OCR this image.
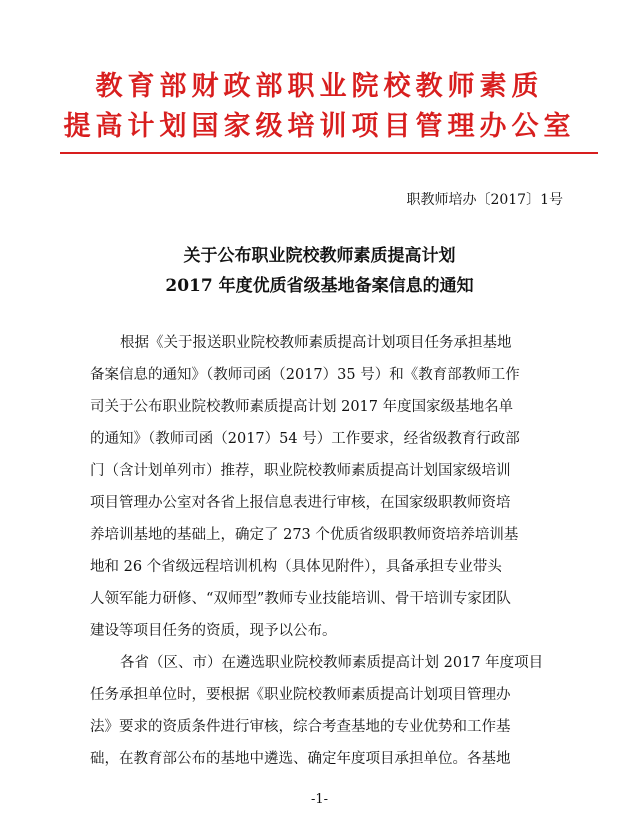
教育部财政部职业院校教师素质
提高计划国家级培训项目管理办公室
职教师培办〔2017〕1号
关于公布职业院校教师素质提高计划
2017 年度优质省级基地备案信息的通知
根据《关于报送职业院校教师素质提高计划项目任务承担基地
备案信息的通知》（教师司函（2017）35 号）和《教育部教师工作
司关于公布职业院校教师素质提高计划 2017 年度国家级基地名单
的通知》（教师司函（2017）54 号）工作要求，经省级教育行政部
门（含计划单列市）推荐，职业院校教师素质提高计划国家级培训
项目管理办公室对各省上报信息表进行审核，在国家级职教师资培
养培训基地的基础上，确定了 273 个优质省级职教师资培养培训基
地和 26 个省级远程培训机构（具体见附件），具备承担专业带头
人领军能力研修、“双师型”教师专业技能培训、骨干培训专家团队
建设等项目任务的资质，现予以公布。
各省（区、市）在遴选职业院校教师素质提高计划 2017 年度项目
任务承担单位时，要根据《职业院校教师素质提高计划项目管理办
法》要求的资质条件进行审核，综合考查基地的专业优势和工作基
础，在教育部公布的基地中遴选、确定年度项目承担单位。各基地
-1-
